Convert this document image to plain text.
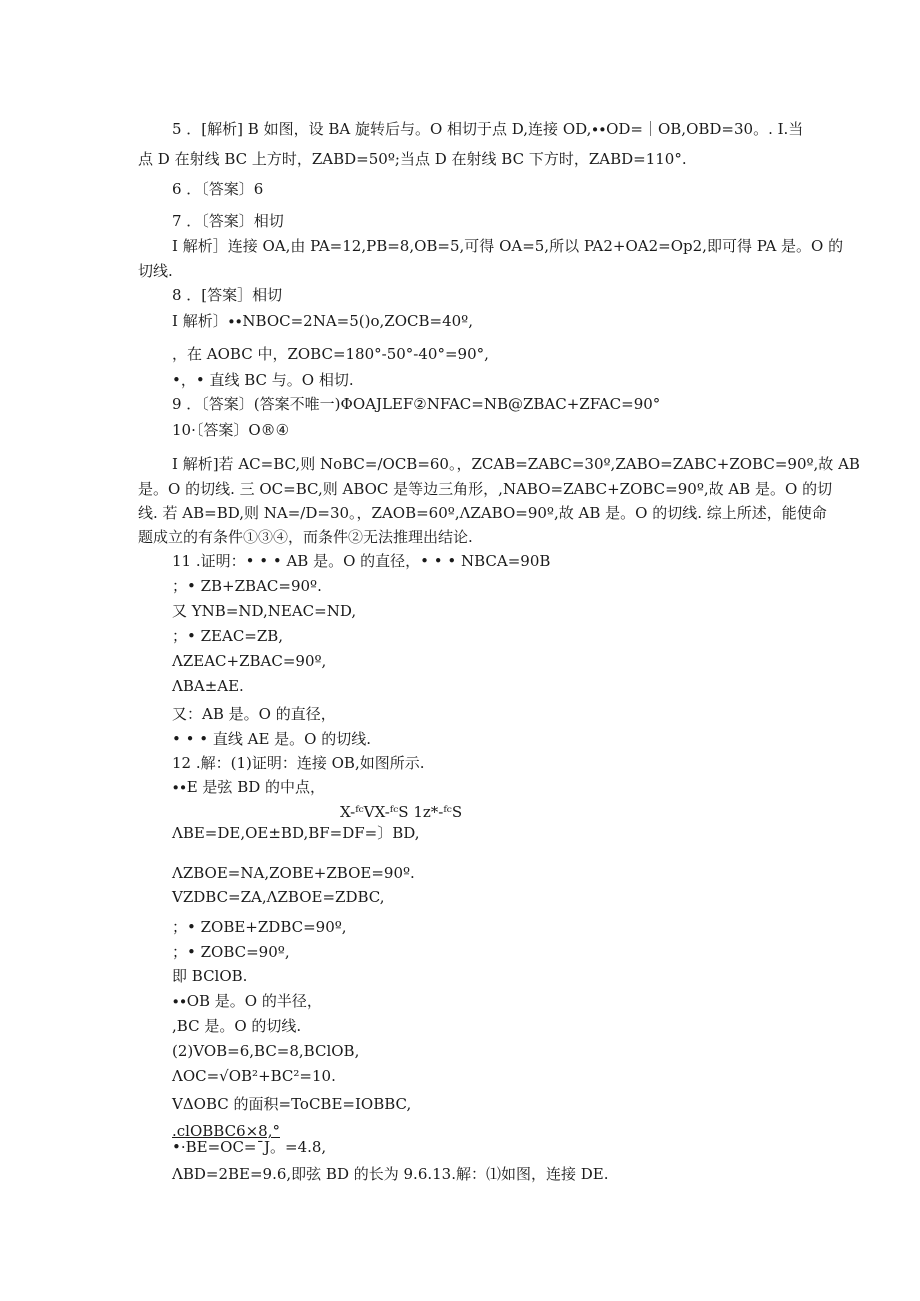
5 ．[解析] B 如图，设 BA 旋转后与。O 相切于点 D,连接 OD,∙∙OD=｜OB,OBD=30。. I.当
点 D 在射线 BC 上方时，ZABD=50º;当点 D 在射线 BC 下方时，ZABD=110°.
6 ．〔答案〕6
7 ．〔答案〕相切
I 解析］连接 OA,由 PA=12,PB=8,OB=5,可得 OA=5,所以 PA2+OA2=Op2,即可得 PA 是。O 的
切线.
8 ．[答案］相切
I 解析〕∙∙NBOC=2NA=5()o,ZOCB=40º,
，在 AOBC 中，ZOBC=180°-50°-40°=90°,
•，• 直线 BC 与。O 相切.
9 ．〔答案〕(答案不唯一)ΦOAJLEF②NFAC=NB@ZBAC+ZFAC=90°
10·〔答案〕O®④
I 解析]若 AC=BC,则 NoBC=/OCB=60。，ZCAB=ZABC=30º,ZABO=ZABC+ZOBC=90º,故 AB
是。O 的切线. 三 OC=BC,则 ABOC 是等边三角形，,NABO=ZABC+ZOBC=90º,故 AB 是。O 的切
线. 若 AB=BD,则 NA=/D=30。，ZAOB=60º,ΛZABO=90º,故 AB 是。O 的切线. 综上所述，能使命
题成立的有条件①③④，而条件②无法推理出结论.
11 .证明：• • • AB 是。O 的直径，• • • NBCA=90B
；• ZB+ZBAC=90º.
又 YNB=ND,NEAC=ND,
；• ZEAC=ZB,
ΛZEAC+ZBAC=90º,
ΛBA±AE.
又：AB 是。O 的直径，
• • • 直线 AE 是。O 的切线.
12 .解：(1)证明：连接 OB,如图所示.
∙∙E 是弦 BD 的中点，
X-ᶠᶜVX-ᶠᶜS 1z*-ᶠᶜS
ΛBE=DE,OE±BD,BF=DF=〕BD,
ΛZBOE=NA,ZOBE+ZBOE=90º.
VZDBC=ZA,ΛZBOE=ZDBC,
；• ZOBE+ZDBC=90º,
；• ZOBC=90º,
即 BClOB.
∙∙OB 是。O 的半径，
,BC 是。O 的切线.
(2)VOB=6,BC=8,BClOB,
ΛOC=√OB²+BC²=10.
VΔOBC 的面积=ToCBE=IOBBC,
.clOBBC6×8,°
•·BE=OC=ˉJ。=4.8,
ΛBD=2BE=9.6,即弦 BD 的长为 9.6.13.解：⑴如图，连接 DE.
